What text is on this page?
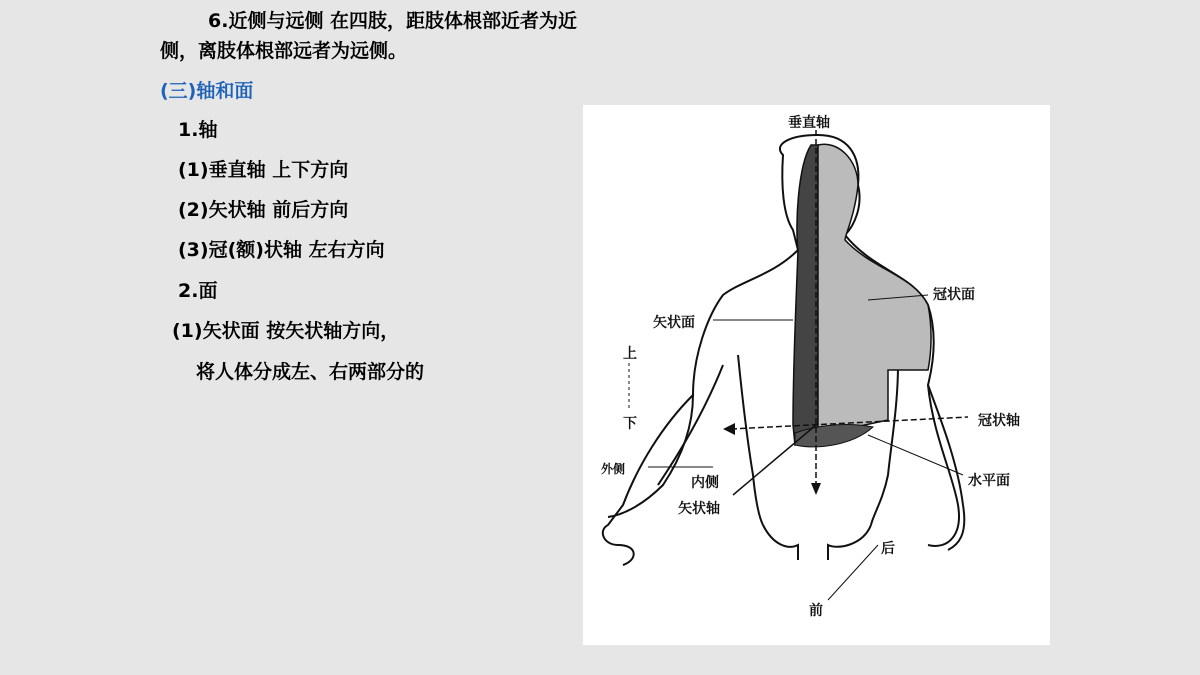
6.近侧与远侧 在四肢，距肢体根部近者为近
侧，离肢体根部远者为远侧。
(三)轴和面
1.轴
(1)垂直轴 上下方向
(2)矢状轴 前后方向
(3)冠(额)状轴 左右方向
2.面
(1)矢状面 按矢状轴方向，
将人体分成左、右两部分的
垂直轴
冠状面
矢状面
上
下	冠状轴
外侧
内侧	水平面
矢状轴
后
前
